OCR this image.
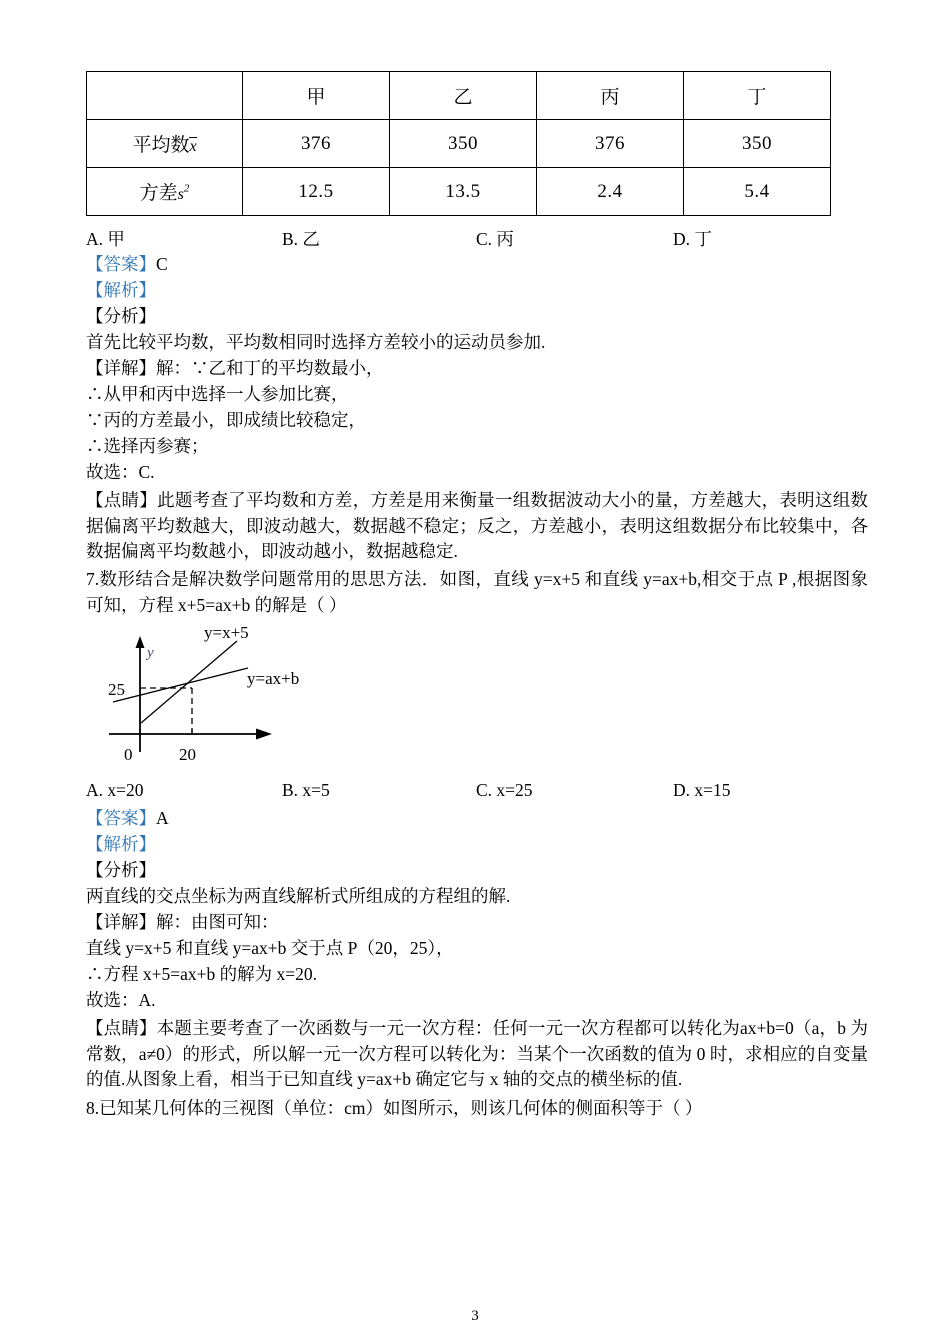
	甲	乙	丙	丁
平均数x	376	350	376	350
方差$s^2$	12.5	13.5	2.4	5.4
A. 甲	B. 乙	C. 丙	D. 丁
【答案】C
【解析】
【分析】
首先比较平均数，平均数相同时选择方差较小的运动员参加.
【详解】解：∵乙和丁的平均数最小，
∴从甲和丙中选择一人参加比赛，
∵丙的方差最小，即成绩比较稳定，
∴选择丙参赛；
故选：C.
【点睛】此题考查了平均数和方差，方差是用来衡量一组数据波动大小的量，方差越大，表明这组数据偏离平均数越大，即波动越大，数据越不稳定；反之，方差越小，表明这组数据分布比较集中，各数据偏离平均数越小，即波动越小，数据越稳定.
7.数形结合是解决数学问题常用的思思方法．如图，直线 y=x+5 和直线 y=ax+b,相交于点 P ,根据图象可知，方程 x+5=ax+b 的解是（ ）
y
25
0	20
y=x+5
y=ax+b
A. x=20	B. x=5	C. x=25	D. x=15
【答案】A
【解析】
【分析】
两直线的交点坐标为两直线解析式所组成的方程组的解.
【详解】解：由图可知：
直线 y=x+5 和直线 y=ax+b 交于点 P（20，25），
∴方程 x+5=ax+b 的解为 x=20.
故选：A.
【点睛】本题主要考查了一次函数与一元一次方程：任何一元一次方程都可以转化为ax+b=0（a，b 为常数，a≠0）的形式，所以解一元一次方程可以转化为：当某个一次函数的值为 0 时，求相应的自变量的值.从图象上看，相当于已知直线 y=ax+b 确定它与 x 轴的交点的横坐标的值.
8.已知某几何体的三视图（单位：cm）如图所示，则该几何体的侧面积等于（ ）
3
